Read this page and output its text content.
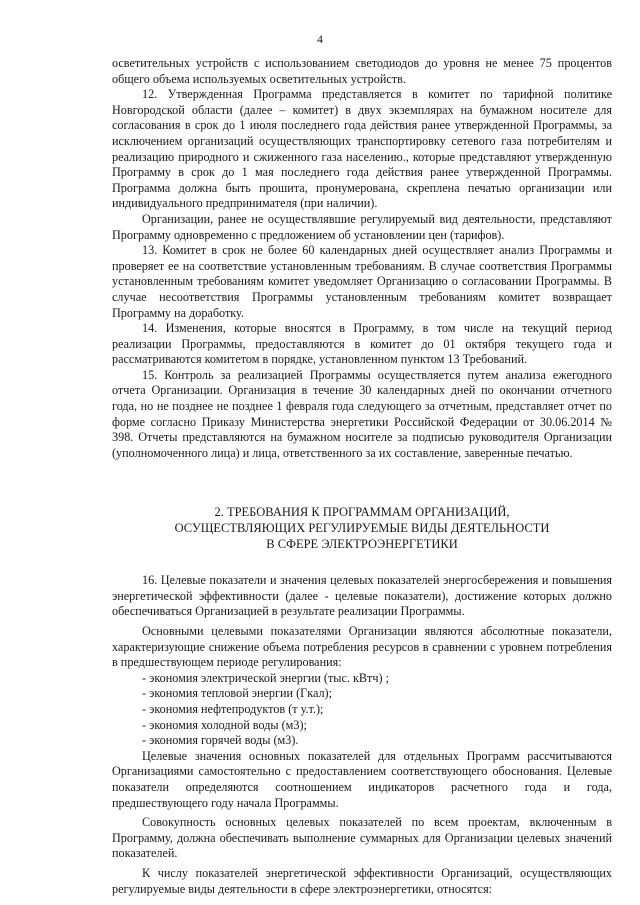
4

осветительных устройств с использованием светодиодов до уровня не менее 75 процентов общего объема используемых осветительных устройств.

12. Утвержденная Программа представляется в комитет по тарифной политике Новгородской области (далее – комитет) в двух экземплярах на бумажном носителе для согласования в срок до 1 июля последнего года действия ранее утвержденной Программы, за исключением организаций осуществляющих транспортировку сетевого газа потребителям и реализацию природного и сжиженного газа населению., которые представляют утвержденную Программу в срок до 1 мая последнего года действия ранее утвержденной Программы. Программа должна быть прошита, пронумерована, скреплена печатью организации или индивидуального предпринимателя (при наличии).

Организации, ранее не осуществлявшие регулируемый вид деятельности, представляют Программу одновременно с предложением об установлении цен (тарифов).

13. Комитет в срок не более 60 календарных дней осуществляет анализ Программы и проверяет ее на соответствие установленным требованиям. В случае соответствия Программы установленным требованиям комитет уведомляет Организацию о согласовании Программы. В случае несоответствия Программы установленным требованиям комитет возвращает Программу на доработку.

14. Изменения, которые вносятся в Программу, в том числе на текущий период реализации Программы, предоставляются в комитет до 01 октября текущего года и рассматриваются комитетом в порядке, установленном пунктом 13 Требований.

15. Контроль за реализацией Программы осуществляется путем анализа ежегодного отчета Организации. Организация в течение 30 календарных дней по окончании отчетного года, но не позднее не позднее 1 февраля года следующего за отчетным, представляет отчет по форме согласно Приказу Министерства энергетики Российской Федерации от 30.06.2014 № 398. Отчеты представляются на бумажном носителе за подписью руководителя Организации (уполномоченного лица) и лица, ответственного за их составление, заверенные печатью.

2. ТРЕБОВАНИЯ К ПРОГРАММАМ ОРГАНИЗАЦИЙ,
ОСУЩЕСТВЛЯЮЩИХ РЕГУЛИРУЕМЫЕ ВИДЫ ДЕЯТЕЛЬНОСТИ
В СФЕРЕ ЭЛЕКТРОЭНЕРГЕТИКИ

16. Целевые показатели и значения целевых показателей энергосбережения и повышения энергетической эффективности (далее - целевые показатели), достижение которых должно обеспечиваться Организацией в результате реализации Программы.

Основными целевыми показателями Организации являются абсолютные показатели, характеризующие снижение объема потребления ресурсов в сравнении с уровнем потребления в предшествующем периоде регулирования:

- экономия электрической энергии (тыс. кВтч) ;
- экономия тепловой энергии (Гкал);
- экономия нефтепродуктов (т у.т.);
- экономия холодной воды (м3);
- экономия горячей воды (м3).

Целевые значения основных показателей для отдельных Программ рассчитываются Организациями самостоятельно с предоставлением соответствующего обоснования. Целевые показатели определяются соотношением индикаторов расчетного года и года, предшествующего году начала Программы.

Совокупность основных целевых показателей по всем проектам, включенным в Программу, должна обеспечивать выполнение суммарных для Организации целевых значений показателей.

К числу показателей энергетической эффективности Организаций, осуществляющих регулируемые виды деятельности в сфере электроэнергетики, относятся:
